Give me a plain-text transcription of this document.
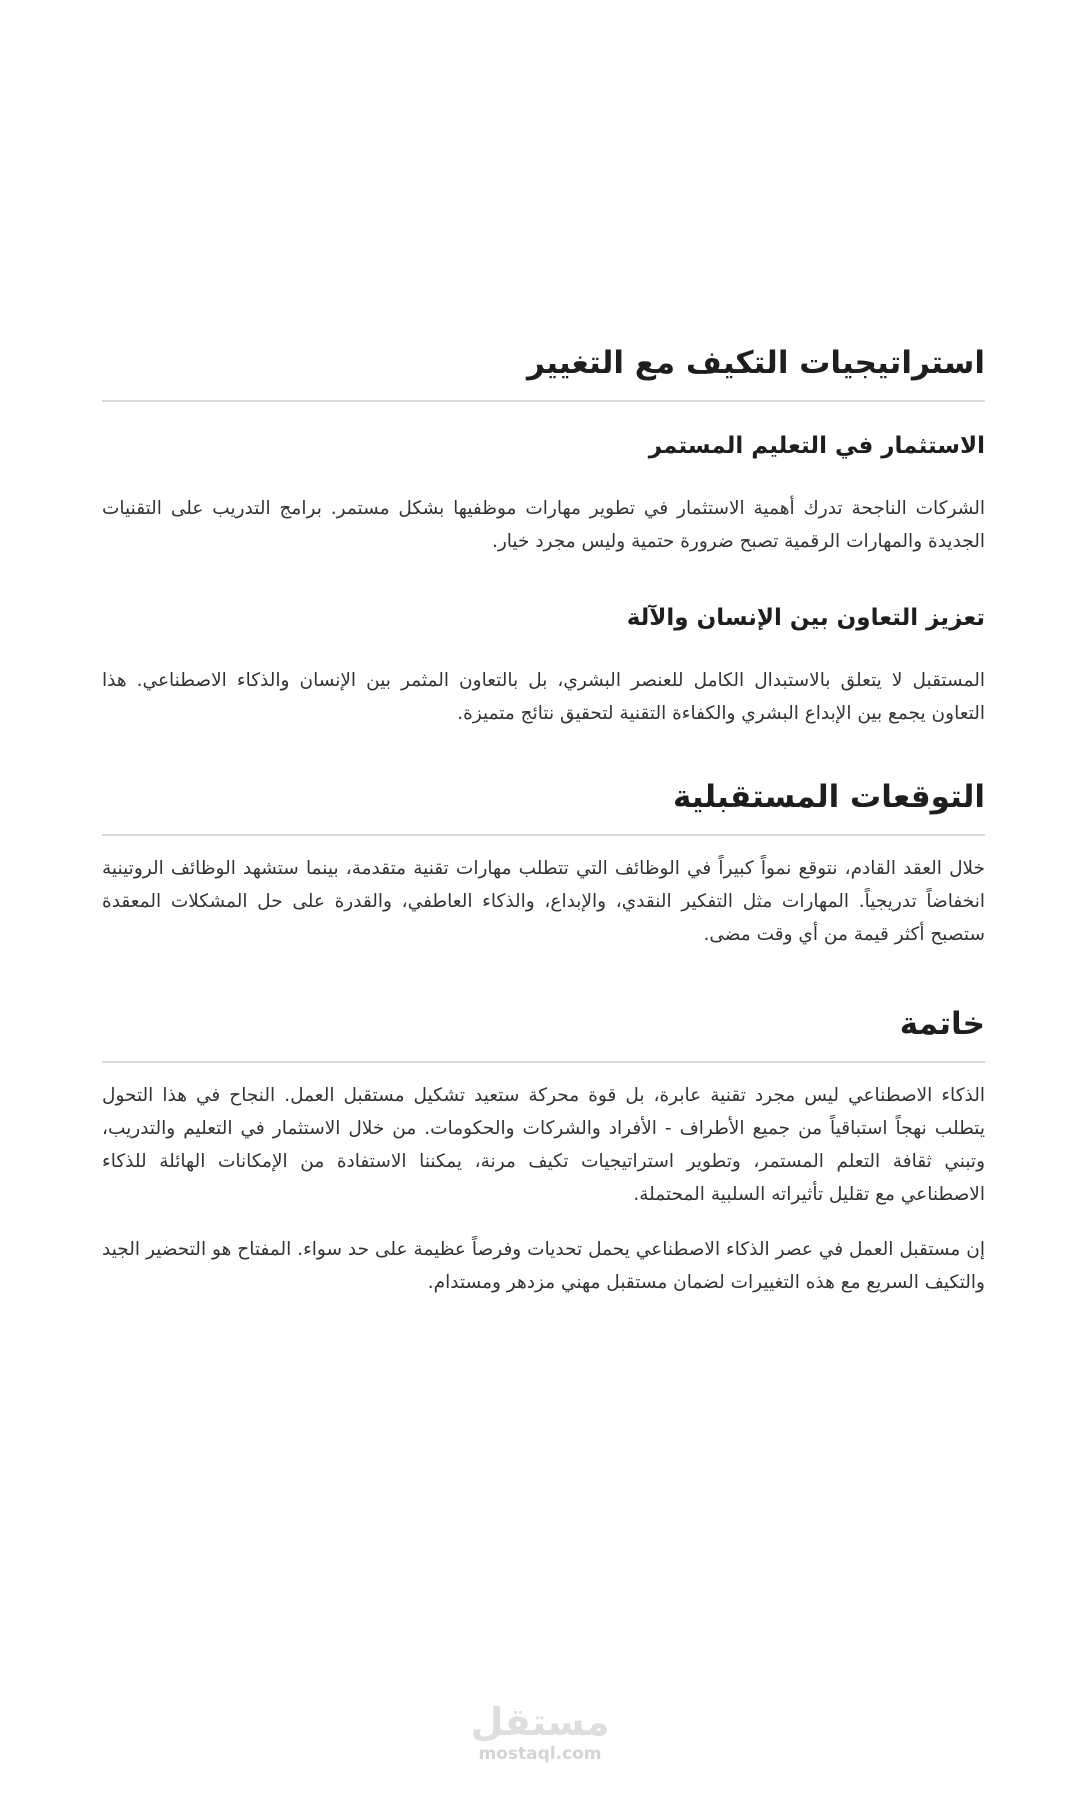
استراتيجيات التكيف مع التغيير
الاستثمار في التعليم المستمر

الشركات الناجحة تدرك أهمية الاستثمار في تطوير مهارات موظفيها بشكل مستمر. برامج التدريب على التقنيات الجديدة والمهارات الرقمية تصبح ضرورة حتمية وليس مجرد خيار.

تعزيز التعاون بين الإنسان والآلة

المستقبل لا يتعلق بالاستبدال الكامل للعنصر البشري، بل بالتعاون المثمر بين الإنسان والذكاء الاصطناعي. هذا التعاون يجمع بين الإبداع البشري والكفاءة التقنية لتحقيق نتائج متميزة.

التوقعات المستقبلية

خلال العقد القادم، نتوقع نمواً كبيراً في الوظائف التي تتطلب مهارات تقنية متقدمة، بينما ستشهد الوظائف الروتينية انخفاضاً تدريجياً. المهارات مثل التفكير النقدي، والإبداع، والذكاء العاطفي، والقدرة على حل المشكلات المعقدة ستصبح أكثر قيمة من أي وقت مضى.

خاتمة

الذكاء الاصطناعي ليس مجرد تقنية عابرة، بل قوة محركة ستعيد تشكيل مستقبل العمل. النجاح في هذا التحول يتطلب نهجاً استباقياً من جميع الأطراف - الأفراد والشركات والحكومات. من خلال الاستثمار في التعليم والتدريب، وتبني ثقافة التعلم المستمر، وتطوير استراتيجيات تكيف مرنة، يمكننا الاستفادة من الإمكانات الهائلة للذكاء الاصطناعي مع تقليل تأثيراته السلبية المحتملة.

إن مستقبل العمل في عصر الذكاء الاصطناعي يحمل تحديات وفرصاً عظيمة على حد سواء. المفتاح هو التحضير الجيد والتكيف السريع مع هذه التغييرات لضمان مستقبل مهني مزدهر ومستدام.

مستقل
mostaql.com
